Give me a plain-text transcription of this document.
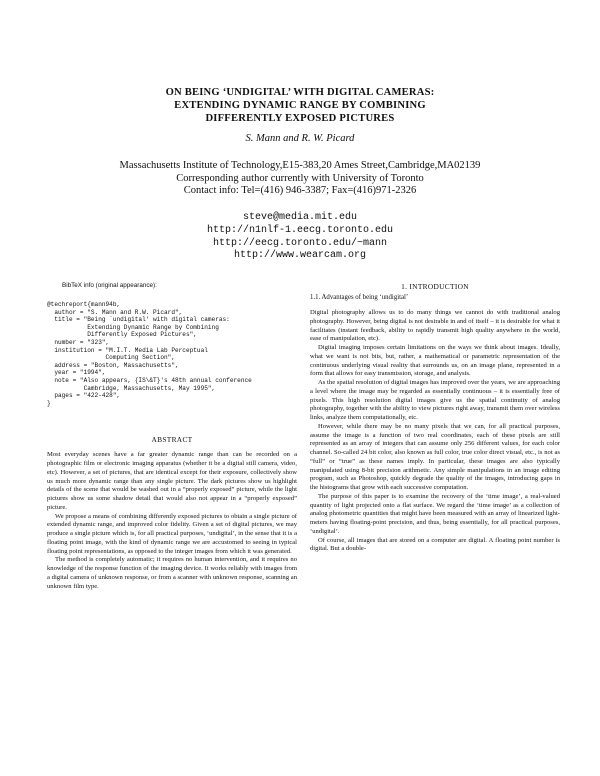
ON BEING ‘UNDIGITAL’ WITH DIGITAL CAMERAS:
EXTENDING DYNAMIC RANGE BY COMBINING
DIFFERENTLY EXPOSED PICTURES
S. Mann and R. W. Picard
Massachusetts Institute of Technology,E15-383,20 Ames Street,Cambridge,MA02139
Corresponding author currently with University of Toronto
Contact info: Tel=(416) 946-3387; Fax=(416)971-2326
steve@media.mit.edu
http://n1nlf-1.eecg.toronto.edu
http://eecg.toronto.edu/~mann
http://www.wearcam.org
BibTeX info (original appearance):
@techreport{mann94b,
author = "S. Mann and R.W. Picard",
title = "Being `undigital' with digital cameras:
Extending Dynamic Range by Combining
Differently Exposed Pictures",
number = "323",
institution = "M.I.T. Media Lab Perceptual
Computing Section",
address = "Boston, Massachusetts",
year = "1994",
note = "Also appears, {IS\&T}'s 48th annual conference
Cambridge, Massachusetts, May 1995",
pages = "422-428",
}
ABSTRACT

Most everyday scenes have a far greater dynamic range than can be recorded on a photographic film or electronic imaging apparatus (whether it be a digital still camera, video, etc). However, a set of pictures, that are identical except for their exposure, collectively show us much more dynamic range than any single picture. The dark pictures show us highlight details of the scene that would be washed out in a “properly exposed” picture, while the light pictures show us some shadow detail that would also not appear in a “properly exposed” picture.

We propose a means of combining differently exposed pictures to obtain a single picture of extended dynamic range, and improved color fidelity. Given a set of digital pictures, we may produce a single picture which is, for all practical purposes, ‘undigital’, in the sense that it is a floating point image, with the kind of dynamic range we are accustomed to seeing in typical floating point representations, as opposed to the integer images from which it was generated.

The method is completely automatic; it requires no human intervention, and it requires no knowledge of the response function of the imaging device. It works reliably with images from a digital camera of unknown response, or from a scanner with unknown response, scanning an unknown film type.

1. INTRODUCTION
1.1. Advantages of being ‘undigital’

Digital photography allows us to do many things we cannot do with traditional analog photography. However, being digital is not desirable in and of itself – it is desirable for what it facilitates (instant feedback, ability to rapidly transmit high quality anywhere in the world, ease of manipulation, etc).

Digital imaging imposes certain limitations on the ways we think about images. Ideally, what we want is not bits, but, rather, a mathematical or parametric representation of the continuous underlying visual reality that surrounds us, on an image plane, represented in a form that allows for easy transmission, storage, and analysis.

As the spatial resolution of digital images has improved over the years, we are approaching a level where the image may be regarded as essentially continuous – it is essentially free of pixels. This high resolution digital images give us the spatial continuity of analog photography, together with the ability to view pictures right away, transmit them over wireless links, analyze them computationally, etc.

However, while there may be no many pixels that we can, for all practical purposes, assume the image is a function of two real coordinates, each of these pixels are still represented as an array of integers that can assume only 256 different values, for each color channel. So-called 24 bit color, also known as full color, true color direct visual, etc., is not as “full” or “true” as these names imply. In particular, these images are also typically manipulated using 8-bit precision arithmetic. Any simple manipulations in an image editing program, such as Photoshop, quickly degrade the quality of the images, introducing gaps in the histograms that grow with each successive computation.

The purpose of this paper is to examine the recovery of the ‘time image’, a real-valued quantity of light projected onto a flat surface. We regard the ‘time image’ as a collection of analog photometric quantities that might have been measured with an array of linearized light-meters having floating-point precision, and thus, being essentially, for all practical purposes, ‘undigital’.

Of course, all images that are stored on a computer are digital. A floating point number is digital. But a double-
